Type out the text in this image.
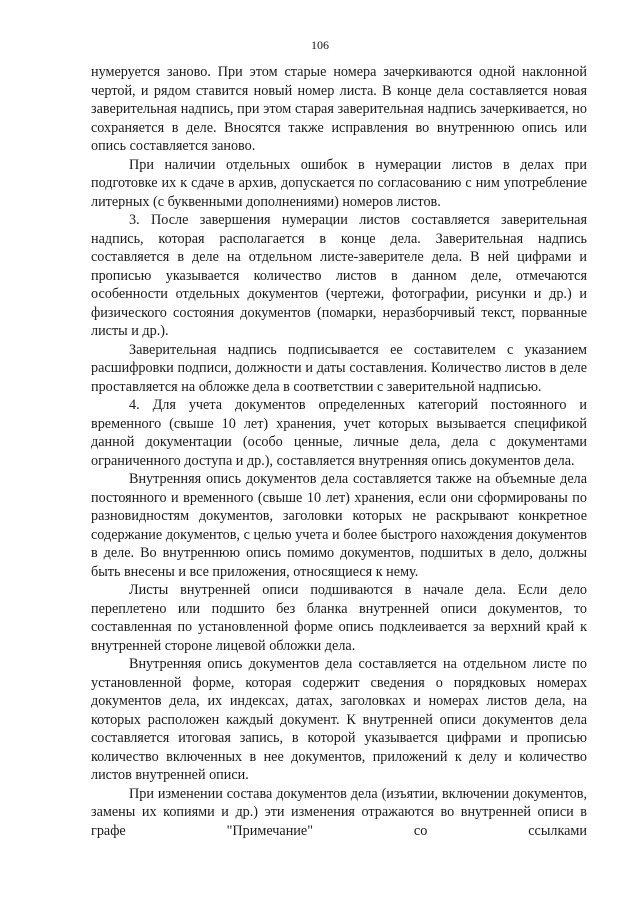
106

нумеруется заново. При этом старые номера зачеркиваются одной наклонной чертой, и рядом ставится новый номер листа. В конце дела составляется новая заверительная надпись, при этом старая заверительная надпись зачеркивается, но сохраняется в деле. Вносятся также исправления во внутреннюю опись или опись составляется заново.

При наличии отдельных ошибок в нумерации листов в делах при подготовке их к сдаче в архив, допускается по согласованию с ним употребление литерных (с буквенными дополнениями) номеров листов.

3. После завершения нумерации листов составляется заверительная надпись, которая располагается в конце дела. Заверительная надпись составляется в деле на отдельном листе-заверителе дела. В ней цифрами и прописью указывается количество листов в данном деле, отмечаются особенности отдельных документов (чертежи, фотографии, рисунки и др.) и физического состояния документов (помарки, неразборчивый текст, порванные листы и др.).

Заверительная надпись подписывается ее составителем с указанием расшифровки подписи, должности и даты составления. Количество листов в деле проставляется на обложке дела в соответствии с заверительной надписью.

4. Для учета документов определенных категорий постоянного и временного (свыше 10 лет) хранения, учет которых вызывается спецификой данной документации (особо ценные, личные дела, дела с документами ограниченного доступа и др.), составляется внутренняя опись документов дела.

Внутренняя опись документов дела составляется также на объемные дела постоянного и временного (свыше 10 лет) хранения, если они сформированы по разновидностям документов, заголовки которых не раскрывают конкретное содержание документов, с целью учета и более быстрого нахождения документов в деле. Во внутреннюю опись помимо документов, подшитых в дело, должны быть внесены и все приложения, относящиеся к нему.

Листы внутренней описи подшиваются в начале дела. Если дело переплетено или подшито без бланка внутренней описи документов, то составленная по установленной форме опись подклеивается за верхний край к внутренней стороне лицевой обложки дела.

Внутренняя опись документов дела составляется на отдельном листе по установленной форме, которая содержит сведения о порядковых номерах документов дела, их индексах, датах, заголовках и номерах листов дела, на которых расположен каждый документ. К внутренней описи документов дела составляется итоговая запись, в которой указывается цифрами и прописью количество включенных в нее документов, приложений к делу и количество листов внутренней описи.

При изменении состава документов дела (изъятии, включении документов, замены их копиями и др.) эти изменения отражаются во внутренней описи в графе "Примечание" со ссылками
